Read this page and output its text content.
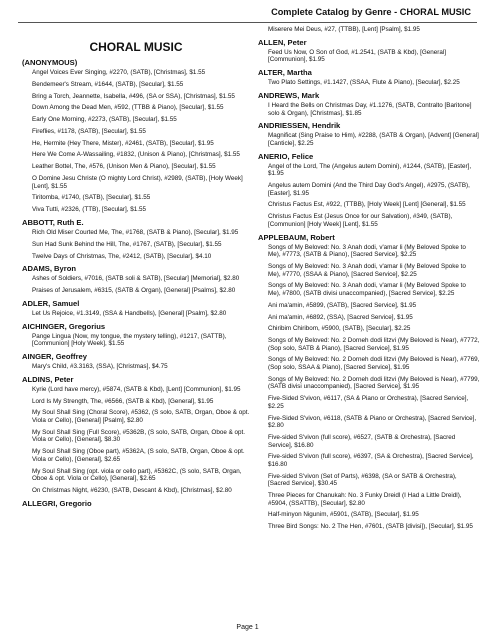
Complete Catalog by Genre - CHORAL MUSIC
CHORAL MUSIC
(ANONYMOUS)
Angel Voices Ever Singing, #2270, (SATB), [Christmas], $1.55
Bendemeer's Stream, #1644, (SATB), [Secular], $1.55
Bring a Torch, Jeannette, Isabella, #496, (SA or SSA), [Christmas], $1.55
Down Among the Dead Men, #592, (TTBB & Piano), [Secular], $1.55
Early One Morning, #2273, (SATB), [Secular], $1.55
Fireflies, #1178, (SATB), [Secular], $1.55
He, Hermite (Hey There, Mister), #2461, (SATB), [Secular], $1.95
Here We Come A-Wassailing, #1832, (Unison & Piano), [Christmas], $1.55
Leather Bottel, The, #576, (Unison Men & Piano), [Secular], $1.55
O Domine Jesu Christe (O mighty Lord Christ), #2989, (SATB), [Holy Week] [Lent], $1.55
Tiritomba, #1740, (SATB), [Secular], $1.55
Viva Tutti, #2326, (TTB), [Secular], $1.55
ABBOTT, Ruth E.
Rich Old Miser Courted Me, The, #1768, (SATB & Piano), [Secular], $1.95
Sun Had Sunk Behind the Hill, The, #1767, (SATB), [Secular], $1.55
Twelve Days of Christmas, The, #2412, (SATB), [Secular], $4.10
ADAMS, Byron
Ashes of Soldiers, #7016, (SATB soli & SATB), [Secular] [Memorial], $2.80
Praises of Jerusalem, #6315, (SATB & Organ), [General] [Psalms], $2.80
ADLER, Samuel
Let Us Rejoice, #1.3149, (SSA & Handbells), [General] [Psalm], $2.80
AICHINGER, Gregorius
Pange Lingua (Now, my tongue, the mystery telling), #1217, (SATTB), [Communion] [Holy Week], $1.55
AINGER, Geoffrey
Mary's Child, #3.3163, (SSA), [Christmas], $4.75
ALDINS, Peter
Kyrie (Lord have mercy), #5874, (SATB & Kbd), [Lent] [Communion], $1.95
Lord Is My Strength, The, #6566, (SATB & Kbd), [General], $1.95
My Soul Shall Sing (Choral Score), #5362, (S solo, SATB, Organ, Oboe & opt. Viola or Cello), [General] [Psalm], $2.80
My Soul Shall Sing (Full Score), #5362B, (S solo, SATB, Organ, Oboe & opt. Viola or Cello), [General], $8.30
My Soul Shall Sing (Oboe part), #5362A, (S solo, SATB, Organ, Oboe & opt. Viola or Cello), [General], $2.65
My Soul Shall Sing (opt. viola or cello part), #5362C, (S solo, SATB, Organ, Oboe & opt. Viola or Cello), [General], $2.65
On Christmas Night, #6230, (SATB, Descant & Kbd), [Christmas], $2.80
ALLEGRI, Gregorio
Miserere Mei Deus, #27, (TTBB), [Lent] [Psalm], $1.95
ALLEN, Peter
Feed Us Now, O Son of God, #1.2541, (SATB & Kbd), [General] [Communion], $1.95
ALTER, Martha
Two Plato Settings, #1.1427, (SSAA, Flute & Piano), [Secular], $2.25
ANDREWS, Mark
I Heard the Bells on Christmas Day, #1.1276, (SATB, Contralto [Baritone] solo & Organ), [Christmas], $1.85
ANDRIESSEN, Hendrik
Magnificat (Sing Praise to Him), #2288, (SATB & Organ), [Advent] [General] [Canticle], $2.25
ANERIO, Felice
Angel of the Lord, The (Angelus autem Domini), #1244, (SATB), [Easter], $1.95
Angelus autem Domini (And the Third Day God's Angel), #2975, (SATB), [Easter], $1.95
Christus Factus Est, #922, (TTBB), [Holy Week] [Lent] [General], $1.55
Christus Factus Est (Jesus Once for our Salvation), #349, (SATB), [Communion] [Holy Week] [Lent], $1.55
APPLEBAUM, Robert
Songs of My Beloved: No. 3 Anah dodi, v'amar li (My Beloved Spoke to Me), #7773, (SATB & Piano), [Sacred Service], $2.25
Songs of My Beloved: No. 3 Anah dodi, v'amar li (My Beloved Spoke to Me), #7770, (SSAA & Piano), [Sacred Service], $2.25
Songs of My Beloved: No. 3 Anah dodi, v'amar li (My Beloved Spoke to Me), #7800, (SATB divisi unaccompanied), [Sacred Service], $2.25
Ani ma'amin, #5899, (SATB), [Sacred Service], $1.95
Ani ma'amin, #6892, (SSA), [Sacred Service], $1.95
Chiribim Chiribom, #5900, (SATB), [Secular], $2.25
Songs of My Beloved: No. 2 Dorneh dodi litzvi (My Beloved is Near), #7772, (Sop solo, SATB & Piano), [Sacred Service], $1.95
Songs of My Beloved: No. 2 Dorneh dodi litzvi (My Beloved is Near), #7769, (Sop solo, SSAA & Piano), [Sacred Service], $1.95
Songs of My Beloved: No. 2 Dorneh dodi litzvi (My Beloved is Near), #7799, (SATB divisi unaccompanied), [Sacred Service], $1.95
Five-Sided S'vivon, #6117, (SA & Piano or Orchestra), [Sacred Service], $2.25
Five-Sided S'vivon, #6118, (SATB & Piano or Orchestra), [Sacred Service], $2.80
Five-sided S'vivon (full score), #6527, (SATB & Orchestra), [Sacred Service], $16.80
Five-sided S'vivon (full score), #6397, (SA & Orchestra), [Sacred Service], $16.80
Five-sided S'vivon (Set of Parts), #6398, (SA or SATB & Orchestra), [Sacred Service], $30.45
Three Pieces for Chanukah: No. 3 Funky Dreidl (I Had a Little Dreidl), #5904, (SSATTB), [Secular], $2.80
Half-minyon Nigunim, #5901, (SATB), [Secular], $1.95
Three Bird Songs: No. 2 The Hen, #7601, (SATB [divisi]), [Secular], $1.95
Page 1
